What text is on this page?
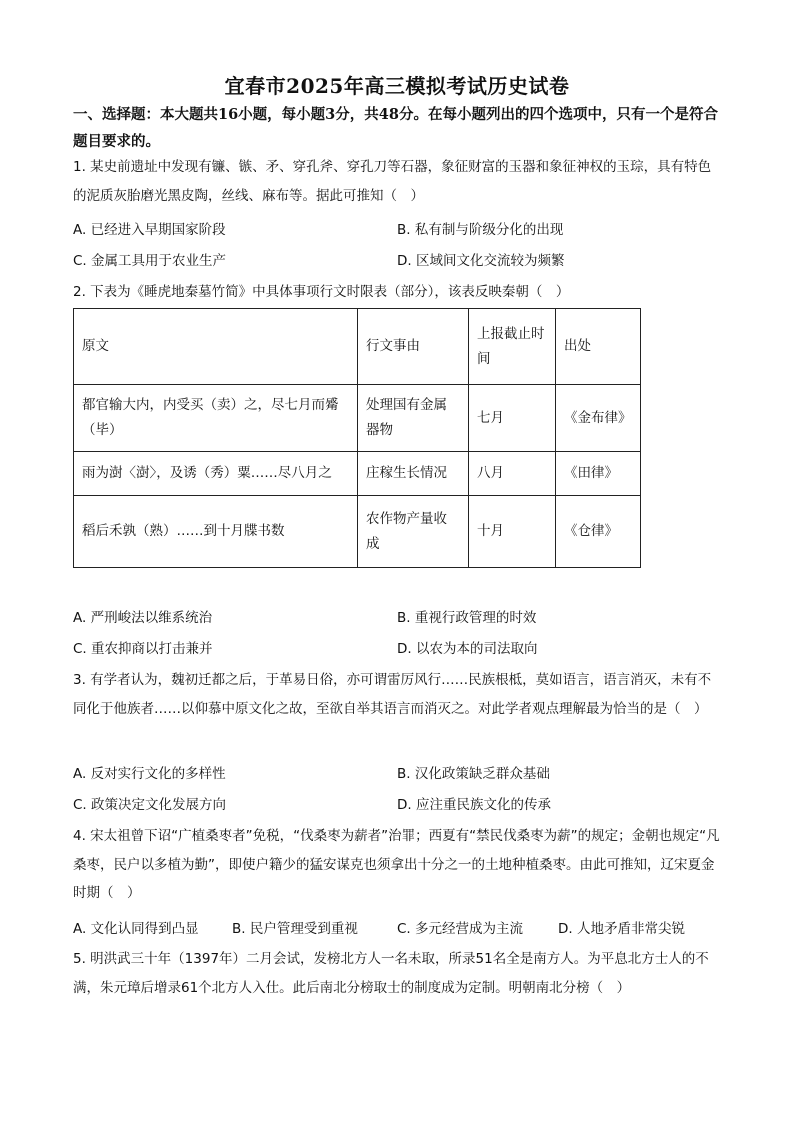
宜春市2025年高三模拟考试历史试卷
一、选择题：本大题共16小题，每小题3分，共48分。在每小题列出的四个选项中，只有一个是符合题目要求的。
1. 某史前遗址中发现有镰、镞、矛、穿孔斧、穿孔刀等石器，象征财富的玉器和象征神权的玉琮，具有特色的泥质灰胎磨光黑皮陶，丝线、麻布等。据此可推知（　）
A. 已经进入早期国家阶段	B. 私有制与阶级分化的出现
C. 金属工具用于农业生产	D. 区域间文化交流较为频繁
2. 下表为《睡虎地秦墓竹简》中具体事项行文时限表（部分），该表反映秦朝（　）
原文	行文事由	上报截止时间	出处
都官输大内，内受买（卖）之，尽七月而觱（毕）	处理国有金属器物	七月	《金布律》
雨为澍〈澍〉，及诱（秀）粟……尽八月之	庄稼生长情况	八月	《田律》
稻后禾孰（熟）……到十月牒书数	农作物产量收成	十月	《仓律》
A. 严刑峻法以维系统治	B. 重视行政管理的时效
C. 重农抑商以打击兼并	D. 以农为本的司法取向
3. 有学者认为，魏初迁都之后，于革易日俗，亦可谓雷厉风行……民族根柢，莫如语言，语言消灭，未有不同化于他族者……以仰慕中原文化之故，至欲自举其语言而消灭之。对此学者观点理解最为恰当的是（　）
A. 反对实行文化的多样性	B. 汉化政策缺乏群众基础
C. 政策决定文化发展方向	D. 应注重民族文化的传承
4. 宋太祖曾下诏“广植桑枣者”免税，“伐桑枣为薪者”治罪；西夏有“禁民伐桑枣为薪”的规定；金朝也规定“凡桑枣，民户以多植为勤”，即使户籍少的猛安谋克也须拿出十分之一的土地种植桑枣。由此可推知，辽宋夏金时期（　）
A. 文化认同得到凸显 B. 民户管理受到重视	C. 多元经营成为主流	D. 人地矛盾非常尖锐
5. 明洪武三十年（1397年）二月会试，发榜北方人一名未取，所录51名全是南方人。为平息北方士人的不满，朱元璋后增录61个北方人入仕。此后南北分榜取士的制度成为定制。明朝南北分榜（　）
